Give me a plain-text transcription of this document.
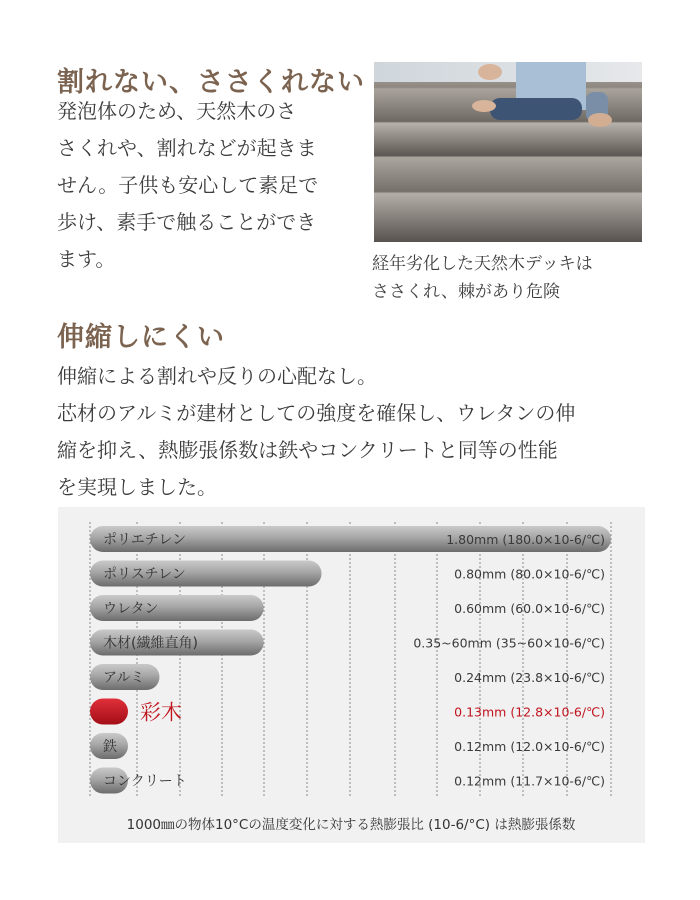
割れない、ささくれない
発泡体のため、天然木のさ
さくれや、割れなどが起きま
せん。子供も安心して素足で
歩け、素手で触ることができ
ます。	経年劣化した天然木デッキは
ささくれ、棘があり危険
伸縮しにくい
伸縮による割れや反りの心配なし。
芯材のアルミが建材としての強度を確保し、ウレタンの伸
縮を抑え、熱膨張係数は鉄やコンクリートと同等の性能
を実現しました。
ポリエチレン
ポリスチレン
ウレタン
木材(繊維直角)
アルミ
彩木
鉄
コンクリート
1.80mm (180.0×10-6/℃)
0.80mm (80.0×10-6/℃)
0.60mm (60.0×10-6/℃)
0.35~60mm (35~60×10-6/℃)
0.24mm (23.8×10-6/℃)
0.13mm (12.8×10-6/℃)
0.12mm (12.0×10-6/℃)
0.12mm (11.7×10-6/℃)
1000㎜の物体10°Cの温度変化に対する熱膨張比 (10-6/°C) は熱膨張係数
